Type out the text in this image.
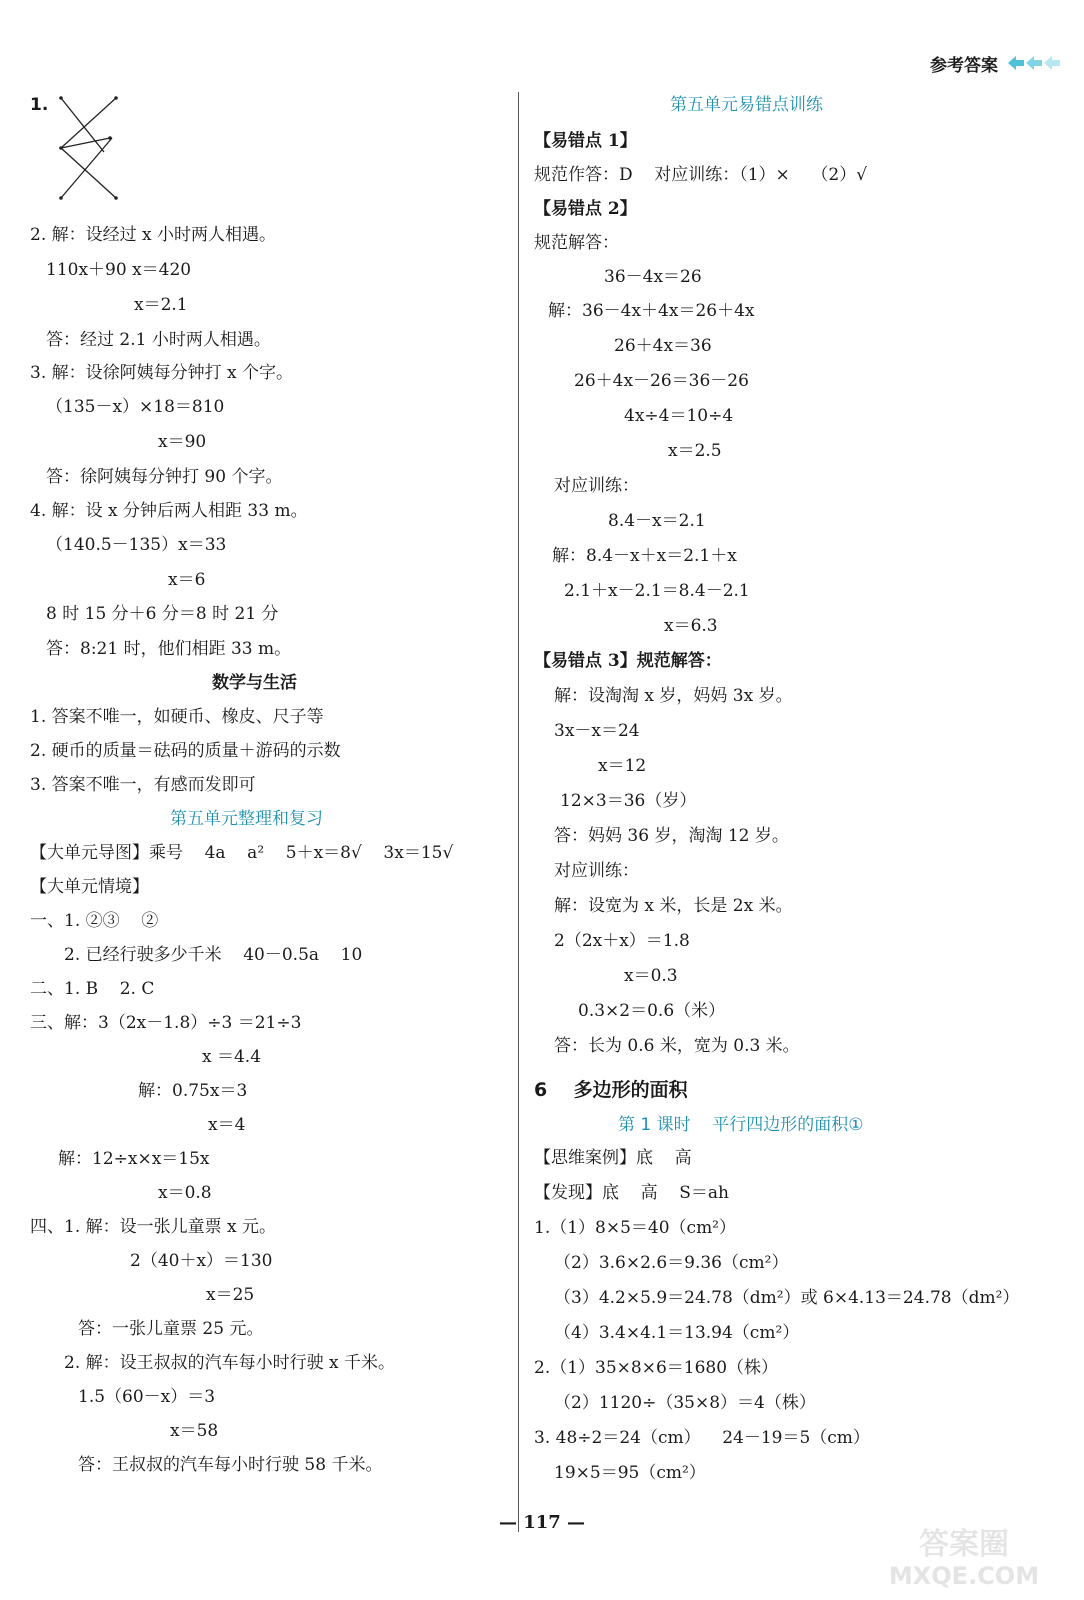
参考答案
1.
2. 解：设经过 x 小时两人相遇。
110x＋90 x＝420
x＝2.1
答：经过 2.1 小时两人相遇。
3. 解：设徐阿姨每分钟打 x 个字。
（135－x）×18＝810
x＝90
答：徐阿姨每分钟打 90 个字。
4. 解：设 x 分钟后两人相距 33 m。
（140.5－135）x＝33
x＝6
8 时 15 分＋6 分＝8 时 21 分
答：8:21 时，他们相距 33 m。
1. 答案不唯一，如硬币、橡皮、尺子等
2. 硬币的质量＝砝码的质量＋游码的示数
3. 答案不唯一，有感而发即可
【大单元导图】乘号    4a    a²    5＋x＝8√    3x＝15√
【大单元情境】
一、1. ②③    ②
2. 已经行驶多少千米    40－0.5a    10
二、1. B    2. C
三、解：3（2x－1.8）÷3 ＝21÷3
x ＝4.4
解：0.75x＝3
x＝4
解：12÷x×x＝15x
x＝0.8
四、1. 解：设一张儿童票 x 元。
2（40＋x）＝130
x＝25
答：一张儿童票 25 元。
2. 解：设王叔叔的汽车每小时行驶 x 千米。
1.5（60－x）＝3
x＝58
答：王叔叔的汽车每小时行驶 58 千米。
数学与生活
第五单元整理和复习
第五单元易错点训练
【易错点 1】
规范作答：D    对应训练：（1）×    （2）√
【易错点 2】
规范解答：
36－4x＝26
解：36－4x＋4x＝26＋4x
26＋4x＝36
26＋4x－26＝36－26
4x÷4＝10÷4
x＝2.5
对应训练：
8.4－x＝2.1
解：8.4－x＋x＝2.1＋x
2.1＋x－2.1＝8.4－2.1
x＝6.3
【易错点 3】规范解答：
解：设淘淘 x 岁，妈妈 3x 岁。
3x－x＝24
x＝12
12×3＝36（岁）
答：妈妈 36 岁，淘淘 12 岁。
对应训练：
解：设宽为 x 米，长是 2x 米。
2（2x＋x）＝1.8
x＝0.3
0.3×2＝0.6（米）
答：长为 0.6 米，宽为 0.3 米。
【思维案例】底    高
【发现】底    高    S＝ah
1.（1）8×5＝40（cm²）
（2）3.6×2.6＝9.36（cm²）
（3）4.2×5.9＝24.78（dm²）或 6×4.13＝24.78（dm²）
（4）3.4×4.1＝13.94（cm²）
2.（1）35×8×6＝1680（株）
（2）1120÷（35×8）＝4（株）
3. 48÷2＝24（cm）    24－19＝5（cm）
19×5＝95（cm²）
6    多边形的面积
第 1 课时    平行四边形的面积①
— 117 —
答案圈
MXQE.COM
